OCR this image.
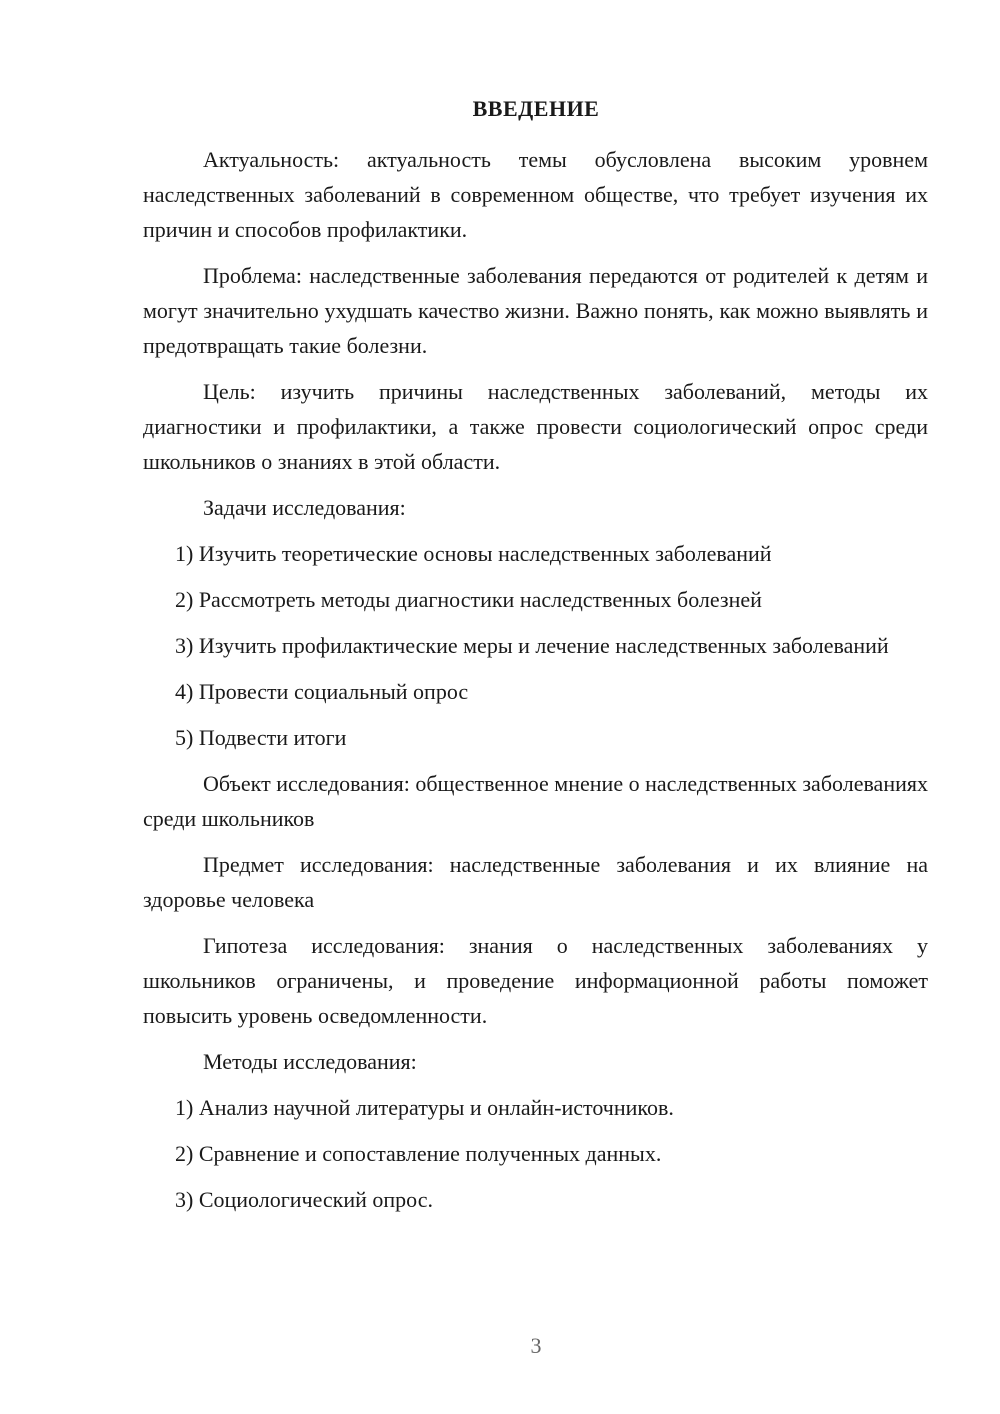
ВВЕДЕНИЕ

Актуальность: актуальность темы обусловлена высоким уровнем наследственных заболеваний в современном обществе, что требует изучения их причин и способов профилактики.

Проблема: наследственные заболевания передаются от родителей к детям и могут значительно ухудшать качество жизни. Важно понять, как можно выявлять и предотвращать такие болезни.

Цель: изучить причины наследственных заболеваний, методы их диагностики и профилактики, а также провести социологический опрос среди школьников о знаниях в этой области.

Задачи исследования:

1) Изучить теоретические основы наследственных заболеваний

2) Рассмотреть методы диагностики наследственных болезней

3) Изучить профилактические меры и лечение наследственных заболеваний

4) Провести социальный опрос

5) Подвести итоги

Объект исследования: общественное мнение о наследственных заболеваниях среди школьников

Предмет исследования: наследственные заболевания и их влияние на здоровье человека

Гипотеза исследования: знания о наследственных заболеваниях у школьников ограничены, и проведение информационной работы поможет повысить уровень осведомленности.

Методы исследования:

1) Анализ научной литературы и онлайн-источников.

2) Сравнение и сопоставление полученных данных.

3) Социологический опрос.

3
